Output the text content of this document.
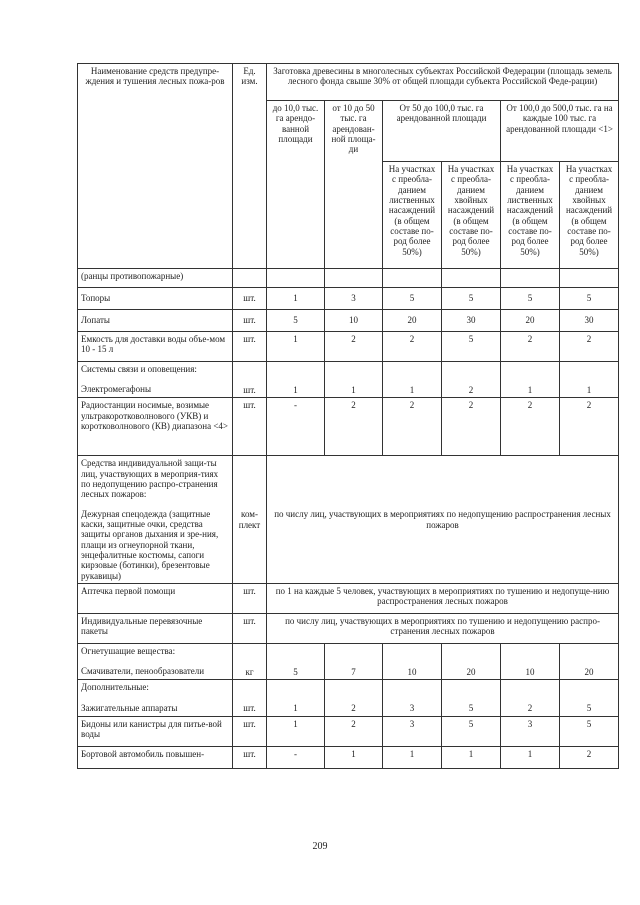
Наименование средств предупре-ждения и тушения лесных пожа-ров	Ед. изм.	Заготовка древесины в многолесных субъектах Российской Федерации (площадь земель лесного фонда свыше 30% от общей площади субъекта Российской Феде-рации)					
		до 10,0 тыс. га арендо-ванной площади	от 10 до 50 тыс. га арендован-ной площа-ди	От 50 до 100,0 тыс. га арендованной площади		От 100,0 до 500,0 тыс. га на каждые 100 тыс. га арендованной площади <1>	
				На участках с преобла-данием лиственных насаждений (в общем составе по-род более 50%)	На участках с преобла-данием хвойных насаждений (в общем составе по-род более 50%)	На участках с преобла-данием лиственных насаждений (в общем составе по-род более 50%)	На участках с преобла-данием хвойных насаждений (в общем составе по-род более 50%)
(ранцы противопожарные)							
Топоры	шт.	1	3	5	5	5	5
Лопаты	шт.	5	10	20	30	20	30
Емкость для доставки воды объе-мом 10 - 15 л	шт.	1	2	2	5	2	2
Системы связи и оповещения:
Электромегафоны	шт.	1	1	1	2	1	1
Радиостанции носимые, возимые ультракоротковолнового (УКВ) и коротковолнового (КВ) диапазона <4>	шт.	-	2	2	2	2	2
Средства индивидуальной защи-ты лиц, участвующих в мероприя-тиях по недопущению распро-странения лесных пожаров:
Дежурная спецодежда (защитные каски, защитные очки, средства защиты органов дыхания и зре-ния, плащи из огнеупорной ткани, энцефалитные костюмы, сапоги кирзовые (ботинки), брезентовые рукавицы)	ком-плект	по числу лиц, участвующих в мероприятиях по недопущению распространения лесных пожаров					
Аптечка первой помощи	шт.	по 1 на каждые 5 человек, участвующих в мероприятиях по тушению и недопуще-нию распространения лесных пожаров					
Индивидуальные перевязочные пакеты	шт.	по числу лиц, участвующих в мероприятиях по тушению и недопущению распро-странения лесных пожаров					
Огнетушащие вещества:
Смачиватели, пенообразователи	кг	5	7	10	20	10	20
Дополнительные:
Зажигательные аппараты	шт.	1	2	3	5	2	5
Бидоны или канистры для питье-вой воды	шт.	1	2	3	5	3	5
Бортовой автомобиль повышен-	шт.	-	1	1	1	1	2
209
